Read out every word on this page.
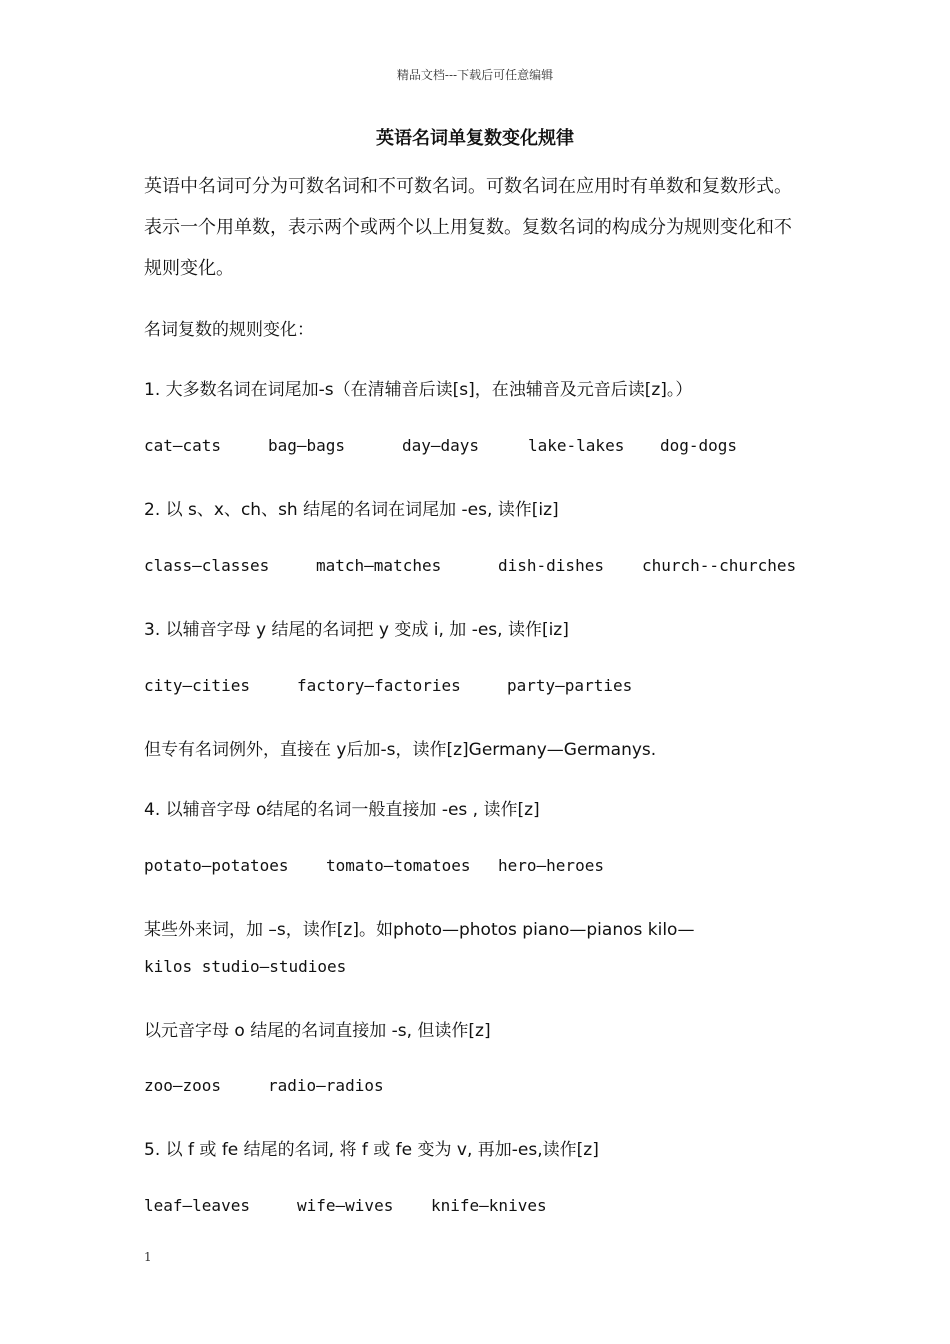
精品文档---下载后可任意编辑
英语名词单复数变化规律
英语中名词可分为可数名词和不可数名词。可数名词在应用时有单数和复数形式。表示一个用单数，表示两个或两个以上用复数。复数名词的构成分为规则变化和不规则变化。
名词复数的规则变化：
1. 大多数名词在词尾加-s（在清辅音后读[s]，在浊辅音及元音后读[z]。）
cat—cats	bag—bags	day—days	lake-lakes dog-dogs
2. 以 s、x、ch、sh 结尾的名词在词尾加 -es, 读作[iz]
class—classes	match—matches	dish-dishes church--churches
3. 以辅音字母 y 结尾的名词把 y 变成 i, 加 -es, 读作[iz]
city—cities	factory—factories	party—parties
但专有名词例外，直接在 y后加-s，读作[z]Germany—Germanys.
4. 以辅音字母 o结尾的名词一般直接加 -es , 读作[z]
potato—potatoes tomato—tomatoes hero—heroes
某些外来词，加 –s，读作[z]。如photo—photos piano—pianos kilo—
kilos studio—studioes
以元音字母 o 结尾的名词直接加 -s, 但读作[z]
zoo—zoos	radio—radios
5. 以 f 或 fe 结尾的名词, 将 f 或 fe 变为 v, 再加-es,读作[z]
leaf—leaves	wife—wives knife—knives
1
